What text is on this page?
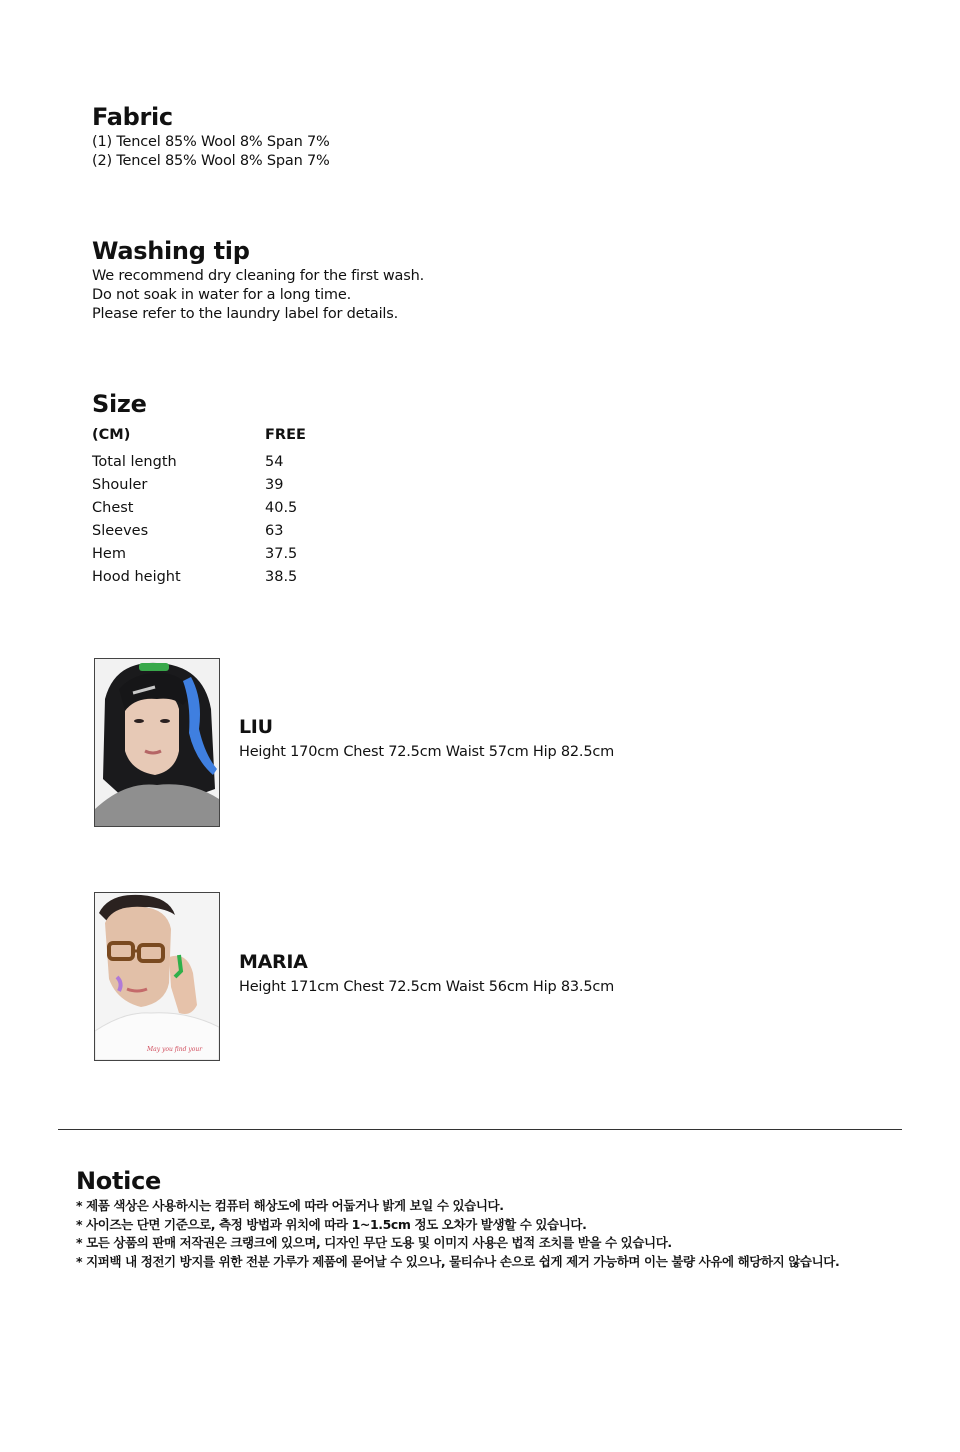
Fabric

(1) Tencel 85% Wool 8% Span 7%

(2) Tencel 85% Wool 8% Span 7%

Washing tip

We recommend dry cleaning for the first wash.

Do not soak in water for a long time.

Please refer to the laundry label for details.

Size
(CM)	FREE
Total length	54
Shouler	39
Chest	40.5
Sleeves	63
Hem	37.5
Hood height	38.5
LIU
Height 170cm Chest 72.5cm Waist 57cm Hip 82.5cm
May you find your
MARIA
Height 171cm Chest 72.5cm Waist 56cm Hip 83.5cm
Notice

* 제품 색상은 사용하시는 컴퓨터 해상도에 따라 어둡거나 밝게 보일 수 있습니다.

* 사이즈는 단면 기준으로, 측정 방법과 위치에 따라 1~1.5cm 정도 오차가 발생할 수 있습니다.

* 모든 상품의 판매 저작권은 크랭크에 있으며, 디자인 무단 도용 및 이미지 사용은 법적 조치를 받을 수 있습니다.

* 지퍼백 내 정전기 방지를 위한 전분 가루가 제품에 묻어날 수 있으나, 물티슈나 손으로 쉽게 제거 가능하며 이는 불량 사유에 해당하지 않습니다.
